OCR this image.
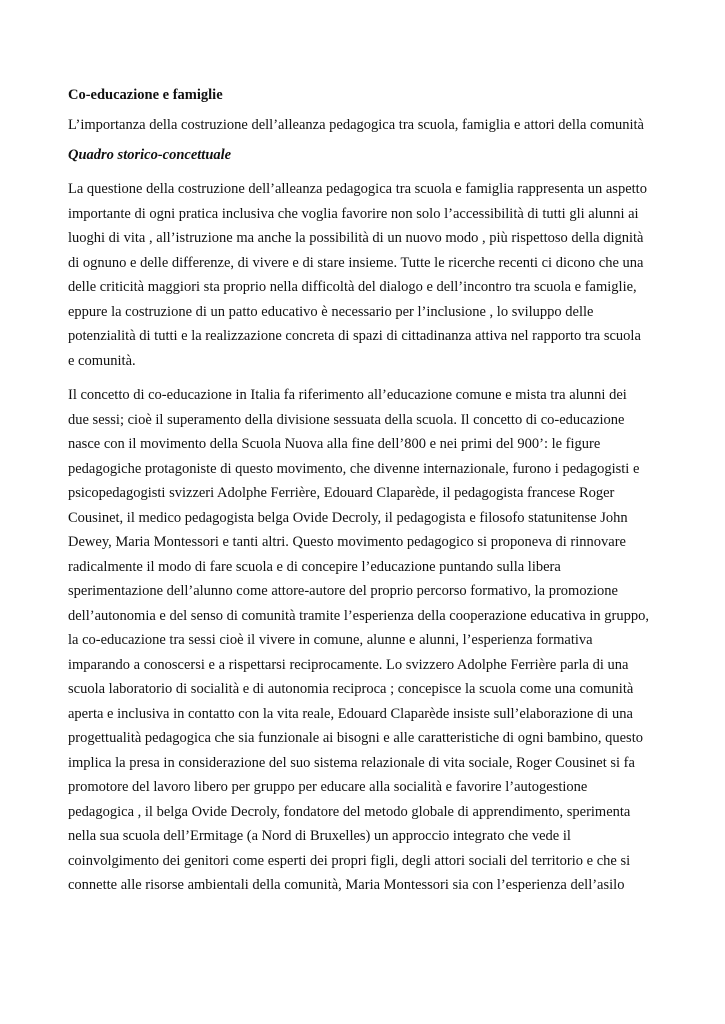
Co-educazione e famiglie
L’importanza della costruzione dell’alleanza pedagogica tra scuola, famiglia e attori della comunità
Quadro storico-concettuale
La questione della costruzione dell’alleanza pedagogica tra scuola e famiglia rappresenta un aspetto
importante di ogni pratica inclusiva che voglia favorire non solo l’accessibilità di tutti gli alunni ai
luoghi di vita , all’istruzione ma anche la possibilità di un nuovo modo , più rispettoso della dignità
di ognuno e delle differenze, di vivere e di stare insieme. Tutte le ricerche recenti ci dicono che una
delle criticità maggiori sta proprio nella difficoltà del dialogo e dell’incontro tra scuola e famiglie,
eppure la costruzione di un patto educativo è necessario per l’inclusione , lo sviluppo delle
potenzialità di tutti e la realizzazione concreta di spazi di cittadinanza attiva nel rapporto tra scuola
e comunità.
Il concetto di co-educazione in Italia fa riferimento all’educazione comune e mista tra alunni dei
due sessi; cioè il superamento della divisione sessuata della scuola. Il concetto di co-educazione
nasce con il movimento della Scuola Nuova alla fine dell’800 e nei primi del 900’: le figure
pedagogiche protagoniste di questo movimento, che divenne internazionale, furono i pedagogisti e
psicopedagogisti svizzeri Adolphe Ferrière, Edouard Claparède, il pedagogista francese Roger
Cousinet, il medico pedagogista belga Ovide Decroly, il pedagogista e filosofo statunitense John
Dewey, Maria Montessori e tanti altri. Questo movimento pedagogico si proponeva di rinnovare
radicalmente il modo di fare scuola e di concepire l’educazione puntando sulla libera
sperimentazione dell’alunno come attore-autore del proprio percorso formativo, la promozione
dell’autonomia e del senso di comunità tramite l’esperienza della cooperazione educativa in gruppo,
la co-educazione tra sessi cioè il vivere in comune, alunne e alunni, l’esperienza formativa
imparando a conoscersi e a rispettarsi reciprocamente. Lo svizzero Adolphe Ferrière parla di una
scuola laboratorio di socialità e di autonomia reciproca ; concepisce la scuola come una comunità
aperta e inclusiva in contatto con la vita reale, Edouard Claparède insiste sull’elaborazione di una
progettualità pedagogica che sia funzionale ai bisogni e alle caratteristiche di ogni bambino, questo
implica la presa in considerazione del suo sistema relazionale di vita sociale, Roger Cousinet si fa
promotore del lavoro libero per gruppo per educare alla socialità e favorire l’autogestione
pedagogica , il belga Ovide Decroly, fondatore del metodo globale di apprendimento, sperimenta
nella sua scuola dell’Ermitage (a Nord di Bruxelles) un approccio integrato che vede il
coinvolgimento dei genitori come esperti dei propri figli, degli attori sociali del territorio e che si
connette alle risorse ambientali della comunità, Maria Montessori sia con l’esperienza dell’asilo
